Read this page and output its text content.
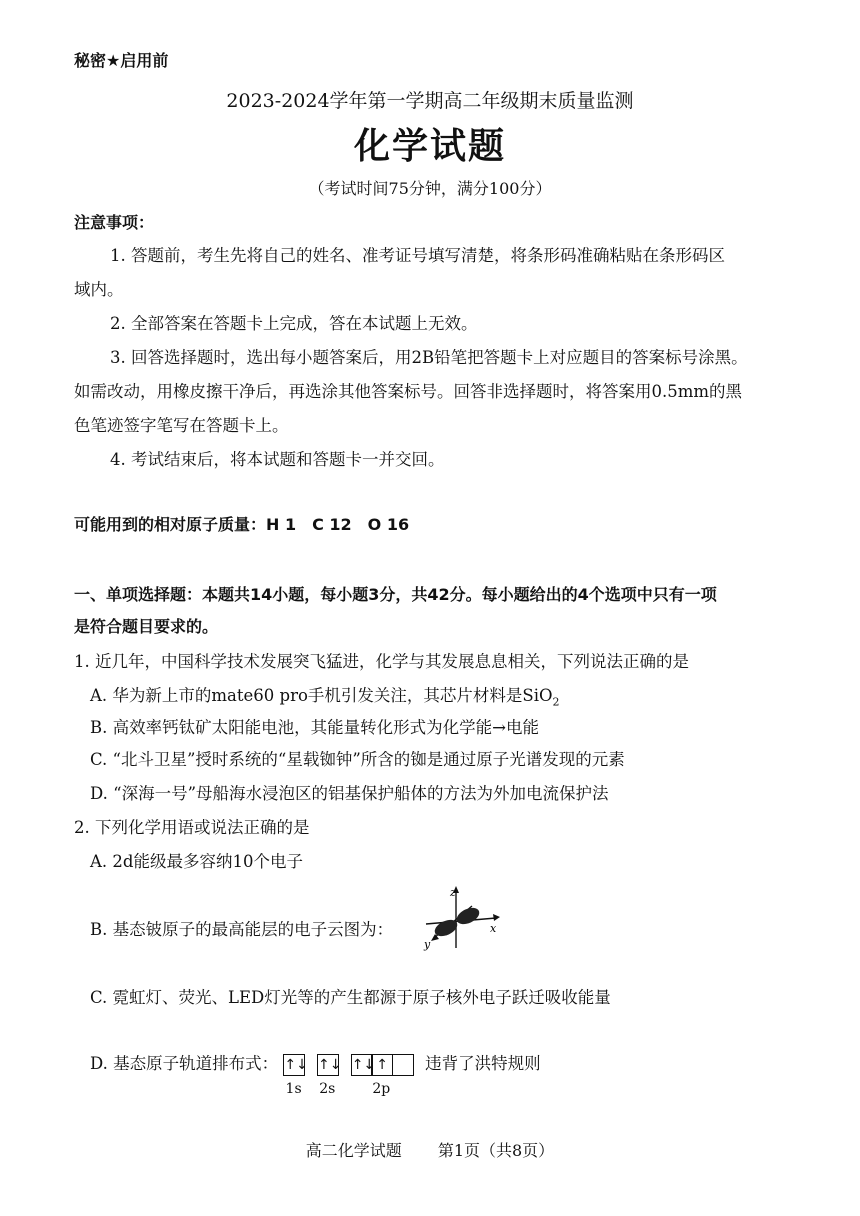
秘密★启用前
2023-2024学年第一学期高二年级期末质量监测
化学试题
（考试时间75分钟，满分100分）
注意事项：
1. 答题前，考生先将自己的姓名、准考证号填写清楚，将条形码准确粘贴在条形码区
域内。
2. 全部答案在答题卡上完成，答在本试题上无效。
3. 回答选择题时，选出每小题答案后，用2B铅笔把答题卡上对应题目的答案标号涂黑。
如需改动，用橡皮擦干净后，再选涂其他答案标号。回答非选择题时，将答案用0.5mm的黑
色笔迹签字笔写在答题卡上。
4. 考试结束后，将本试题和答题卡一并交回。
可能用到的相对原子质量：H 1　C 12　O 16
一、单项选择题：本题共14小题，每小题3分，共42分。每小题给出的4个选项中只有一项
是符合题目要求的。
1. 近几年，中国科学技术发展突飞猛进，化学与其发展息息相关，下列说法正确的是
A. 华为新上市的mate60 pro手机引发关注，其芯片材料是SiO$_2$
B. 高效率钙钛矿太阳能电池，其能量转化形式为化学能→电能
C. “北斗卫星”授时系统的“星载铷钟”所含的铷是通过原子光谱发现的元素
D. “深海一号”母船海水浸泡区的铝基保护船体的方法为外加电流保护法
2. 下列化学用语或说法正确的是
A. 2d能级最多容纳10个电子
B. 基态铍原子的最高能层的电子云图为：
z
x
y
C. 霓虹灯、荧光、LED灯光等的产生都源于原子核外电子跃迁吸收能量
D. 基态原子轨道排布式： ↑↓
1s
↑↓
2s
↑↓↑
2p
违背了洪特规则
高二化学试题 第1页（共8页）
